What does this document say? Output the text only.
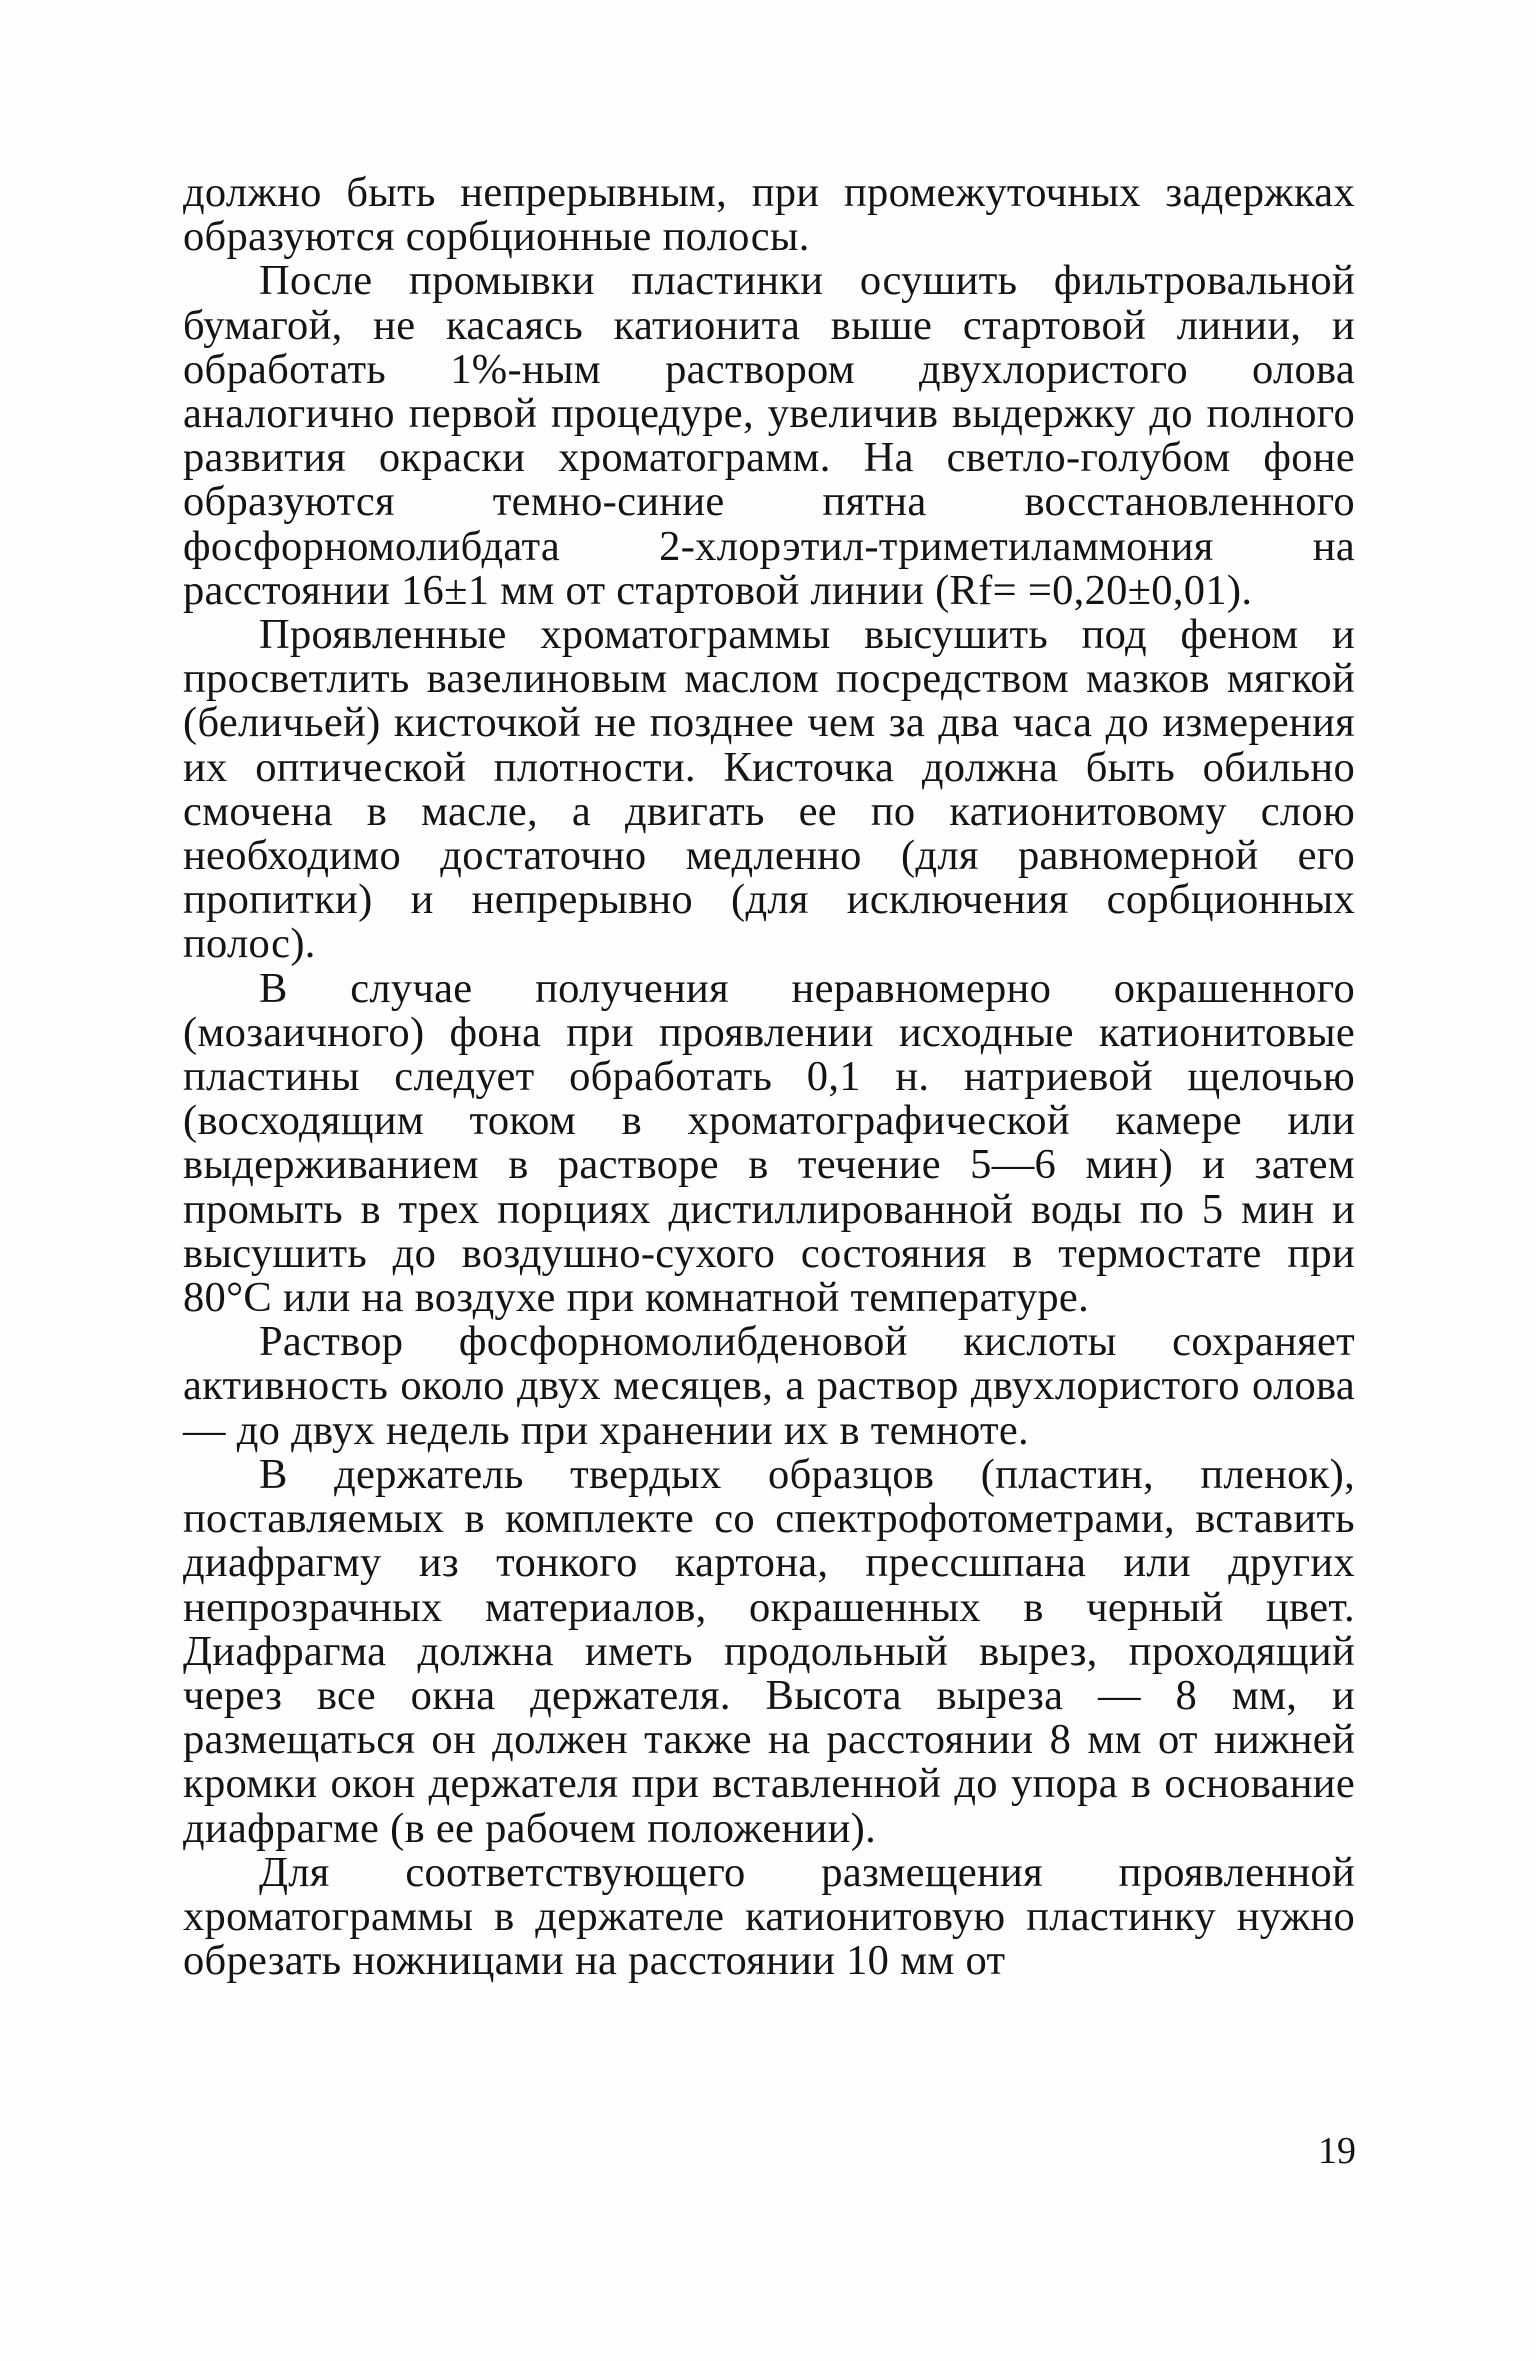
должно быть непрерывным, при промежуточных задержках образуются сорбционные полосы.

После промывки пластинки осушить фильтровальной бумагой, не касаясь катионита выше стартовой линии, и обработать 1%-ным раствором двухлористого олова аналогично первой процедуре, увеличив выдержку до полного развития окраски хроматограмм. На светло-голубом фоне образуются темно-синие пятна восстановленного фосфорномолибдата 2-хлорэтил-триметиламмония на расстоянии 16±1 мм от стартовой линии (Rf= =0,20±0,01).

Проявленные хроматограммы высушить под феном и просветлить вазелиновым маслом посредством мазков мягкой (беличьей) кисточкой не позднее чем за два часа до измерения их оптической плотности. Кисточка должна быть обильно смочена в масле, а двигать ее по катионитовому слою необходимо достаточно медленно (для равномерной его пропитки) и непрерывно (для исключения сорбционных полос).

В случае получения неравномерно окрашенного (мозаичного) фона при проявлении исходные катионитовые пластины следует обработать 0,1 н. натриевой щелочью (восходящим током в хроматографической камере или выдерживанием в растворе в течение 5—6 мин) и затем промыть в трех порциях дистиллированной воды по 5 мин и высушить до воздушно-сухого состояния в термостате при 80°С или на воздухе при комнатной температуре.

Раствор фосфорномолибденовой кислоты сохраняет активность около двух месяцев, а раствор двухлористого олова — до двух недель при хранении их в темноте.

В держатель твердых образцов (пластин, пленок), поставляемых в комплекте со спектрофотометрами, вставить диафрагму из тонкого картона, прессшпана или других непрозрачных материалов, окрашенных в черный цвет. Диафрагма должна иметь продольный вырез, проходящий через все окна держателя. Высота выреза — 8 мм, и размещаться он должен также на расстоянии 8 мм от нижней кромки окон держателя при вставленной до упора в основание диафрагме (в ее рабочем положении).

Для соответствующего размещения проявленной хроматограммы в держателе катионитовую пластинку нужно обрезать ножницами на расстоянии 10 мм от

19
